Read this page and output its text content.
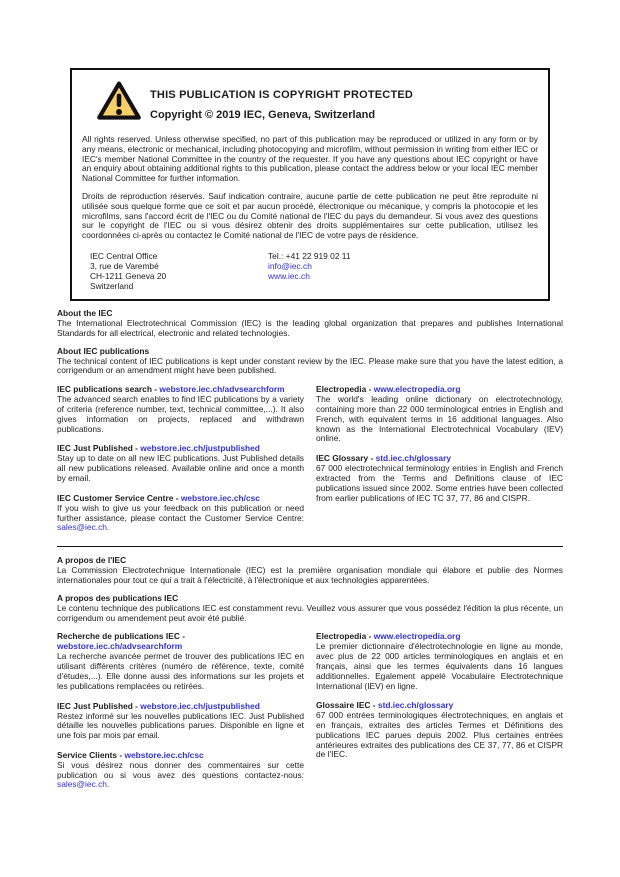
THIS PUBLICATION IS COPYRIGHT PROTECTED
Copyright © 2019 IEC, Geneva, Switzerland
All rights reserved. Unless otherwise specified, no part of this publication may be reproduced or utilized in any form or by any means, electronic or mechanical, including photocopying and microfilm, without permission in writing from either IEC or IEC's member National Committee in the country of the requester. If you have any questions about IEC copyright or have an enquiry about obtaining additional rights to this publication, please contact the address below or your local IEC member National Committee for further information.
Droits de reproduction réservés. Sauf indication contraire, aucune partie de cette publication ne peut être reproduite ni utilisée sous quelque forme que ce soit et par aucun procédé, électronique ou mécanique, y compris la photocopie et les microfilms, sans l'accord écrit de l'IEC ou du Comité national de l'IEC du pays du demandeur. Si vous avez des questions sur le copyright de l'IEC ou si vous désirez obtenir des droits supplémentaires sur cette publication, utilisez les coordonnées ci-après ou contactez le Comité national de l'IEC de votre pays de résidence.
IEC Central Office
3, rue de Varembé
CH-1211 Geneva 20
Switzerland
Tel.: +41 22 919 02 11
info@iec.ch
www.iec.ch
About the IEC
The International Electrotechnical Commission (IEC) is the leading global organization that prepares and publishes International Standards for all electrical, electronic and related technologies.
About IEC publications
The technical content of IEC publications is kept under constant review by the IEC. Please make sure that you have the latest edition, a corrigendum or an amendment might have been published.
IEC publications search - webstore.iec.ch/advsearchform
The advanced search enables to find IEC publications by a variety of criteria (reference number, text, technical committee,...). It also gives information on projects, replaced and withdrawn publications.
IEC Just Published - webstore.iec.ch/justpublished
Stay up to date on all new IEC publications. Just Published details all new publications released. Available online and once a month by email.
IEC Customer Service Centre - webstore.iec.ch/csc
If you wish to give us your feedback on this publication or need further assistance, please contact the Customer Service Centre: sales@iec.ch.
Electropedia - www.electropedia.org
The world's leading online dictionary on electrotechnology, containing more than 22 000 terminological entries in English and French, with equivalent terms in 16 additional languages. Also known as the International Electrotechnical Vocabulary (IEV) online.
IEC Glossary - std.iec.ch/glossary
67 000 electrotechnical terminology entries in English and French extracted from the Terms and Definitions clause of IEC publications issued since 2002. Some entries have been collected from earlier publications of IEC TC 37, 77, 86 and CISPR.
A propos de l'IEC
La Commission Electrotechnique Internationale (IEC) est la première organisation mondiale qui élabore et publie des Normes internationales pour tout ce qui a trait à l'électricité, à l'électronique et aux technologies apparentées.
A propos des publications IEC
Le contenu technique des publications IEC est constamment revu. Veuillez vous assurer que vous possédez l'édition la plus récente, un corrigendum ou amendement peut avoir été publié.
Recherche de publications IEC -
webstore.iec.ch/advsearchform
La recherche avancée permet de trouver des publications IEC en utilisant différents critères (numéro de référence, texte, comité d'études,...). Elle donne aussi des informations sur les projets et les publications remplacées ou retirées.
IEC Just Published - webstore.iec.ch/justpublished
Restez informé sur les nouvelles publications IEC. Just Published détaille les nouvelles publications parues. Disponible en ligne et une fois par mois par email.
Service Clients - webstore.iec.ch/csc
Si vous désirez nous donner des commentaires sur cette publication ou si vous avez des questions contactez-nous: sales@iec.ch.
Electropedia - www.electropedia.org
Le premier dictionnaire d'électrotechnologie en ligne au monde, avec plus de 22 000 articles terminologiques en anglais et en français, ainsi que les termes équivalents dans 16 langues additionnelles. Egalement appelé Vocabulaire Electrotechnique International (IEV) en ligne.
Glossaire IEC - std.iec.ch/glossary
67 000 entrées terminologiques électrotechniques, en anglais et en français, extraites des articles Termes et Définitions des publications IEC parues depuis 2002. Plus certaines entrées antérieures extraites des publications des CE 37, 77, 86 et CISPR de l'IEC.
